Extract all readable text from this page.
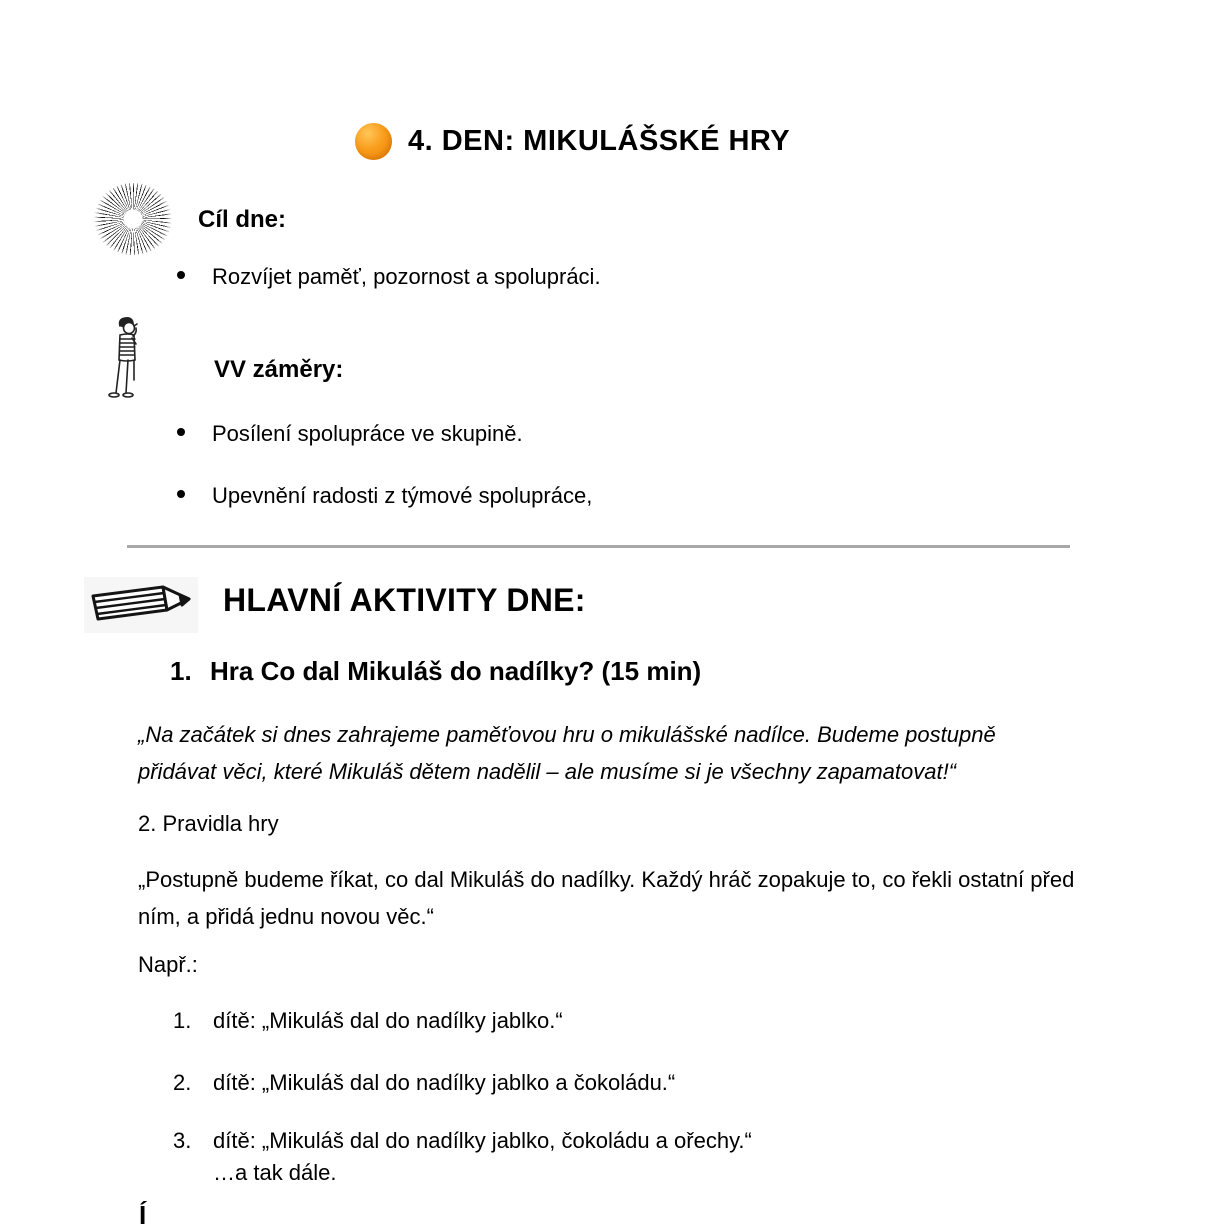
4. DEN: MIKULÁŠSKÉ HRY
Cíl dne:
Rozvíjet paměť, pozornost a spolupráci.
VV záměry:
Posílení spolupráce ve skupině.
Upevnění radosti z týmové spolupráce,
HLAVNÍ AKTIVITY DNE:
1. Hra Co dal Mikuláš do nadílky? (15 min)
„Na začátek si dnes zahrajeme paměťovou hru o mikulášské nadílce. Budeme postupně přidávat věci, které Mikuláš dětem nadělil – ale musíme si je všechny zapamatovat!“
2. Pravidla hry
„Postupně budeme říkat, co dal Mikuláš do nadílky. Každý hráč zopakuje to, co řekli ostatní před ním, a přidá jednu novou věc.“
Např.:
1. dítě: „Mikuláš dal do nadílky jablko.“
2. dítě: „Mikuláš dal do nadílky jablko a čokoládu.“
3. dítě: „Mikuláš dal do nadílky jablko, čokoládu a ořechy.“
…a tak dále.
Í
